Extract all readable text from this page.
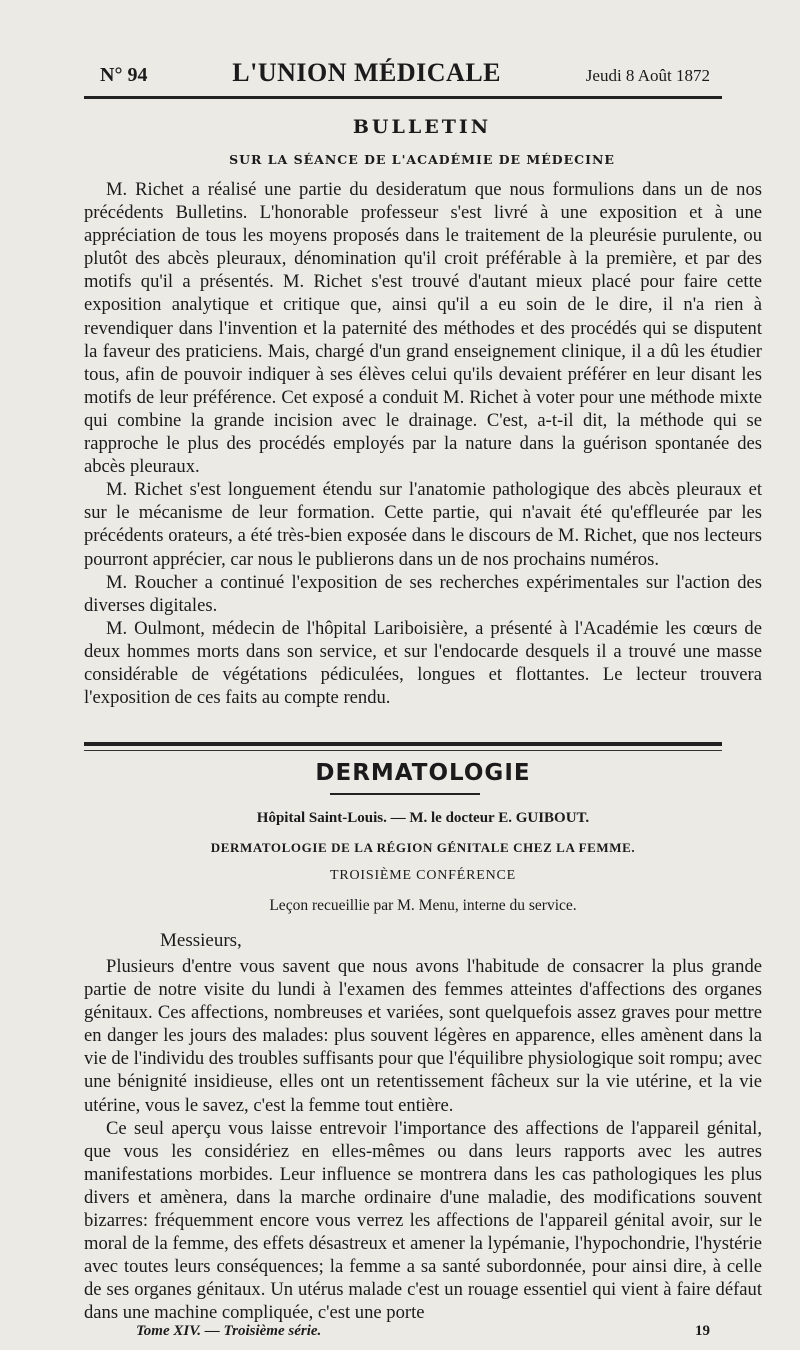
N° 94	L'UNION MÉDICALE	Jeudi 8 Août 1872
BULLETIN
SUR LA SÉANCE DE L'ACADÉMIE DE MÉDECINE

M. Richet a réalisé une partie du desideratum que nous formulions dans un de nos précédents Bulletins. L'honorable professeur s'est livré à une exposition et à une appréciation de tous les moyens proposés dans le traitement de la pleurésie purulente, ou plutôt des abcès pleuraux, dénomination qu'il croit préférable à la première, et par des motifs qu'il a présentés. M. Richet s'est trouvé d'autant mieux placé pour faire cette exposition analytique et critique que, ainsi qu'il a eu soin de le dire, il n'a rien à revendiquer dans l'invention et la paternité des méthodes et des procédés qui se disputent la faveur des praticiens. Mais, chargé d'un grand enseignement clinique, il a dû les étudier tous, afin de pouvoir indiquer à ses élèves celui qu'ils devaient préférer en leur disant les motifs de leur préférence. Cet exposé a conduit M. Richet à voter pour une méthode mixte qui combine la grande incision avec le drainage. C'est, a-t-il dit, la méthode qui se rapproche le plus des procédés employés par la nature dans la guérison spontanée des abcès pleuraux.

M. Richet s'est longuement étendu sur l'anatomie pathologique des abcès pleuraux et sur le mécanisme de leur formation. Cette partie, qui n'avait été qu'effleurée par les précédents orateurs, a été très-bien exposée dans le discours de M. Richet, que nos lecteurs pourront apprécier, car nous le publierons dans un de nos prochains numéros.

M. Roucher a continué l'exposition de ses recherches expérimentales sur l'action des diverses digitales.

M. Oulmont, médecin de l'hôpital Lariboisière, a présenté à l'Académie les cœurs de deux hommes morts dans son service, et sur l'endocarde desquels il a trouvé une masse considérable de végétations pédiculées, longues et flottantes. Le lecteur trouvera l'exposition de ces faits au compte rendu.

DERMATOLOGIE
Hôpital Saint-Louis. — M. le docteur E. GUIBOUT.
DERMATOLOGIE DE LA RÉGION GÉNITALE CHEZ LA FEMME.
TROISIÈME CONFÉRENCE
Leçon recueillie par M. Menu, interne du service.
Messieurs,

Plusieurs d'entre vous savent que nous avons l'habitude de consacrer la plus grande partie de notre visite du lundi à l'examen des femmes atteintes d'affections des organes génitaux. Ces affections, nombreuses et variées, sont quelquefois assez graves pour mettre en danger les jours des malades: plus souvent légères en apparence, elles amènent dans la vie de l'individu des troubles suffisants pour que l'équilibre physiologique soit rompu; avec une bénignité insidieuse, elles ont un retentissement fâcheux sur la vie utérine, et la vie utérine, vous le savez, c'est la femme tout entière.

Ce seul aperçu vous laisse entrevoir l'importance des affections de l'appareil génital, que vous les considériez en elles-mêmes ou dans leurs rapports avec les autres manifestations morbides. Leur influence se montrera dans les cas pathologiques les plus divers et amènera, dans la marche ordinaire d'une maladie, des modifications souvent bizarres: fréquemment encore vous verrez les affections de l'appareil génital avoir, sur le moral de la femme, des effets désastreux et amener la lypémanie, l'hypochondrie, l'hystérie avec toutes leurs conséquences; la femme a sa santé subordonnée, pour ainsi dire, à celle de ses organes génitaux. Un utérus malade c'est un rouage essentiel qui vient à faire défaut dans une machine compliquée, c'est une porte

Tome XIV. — Troisième série.	19
